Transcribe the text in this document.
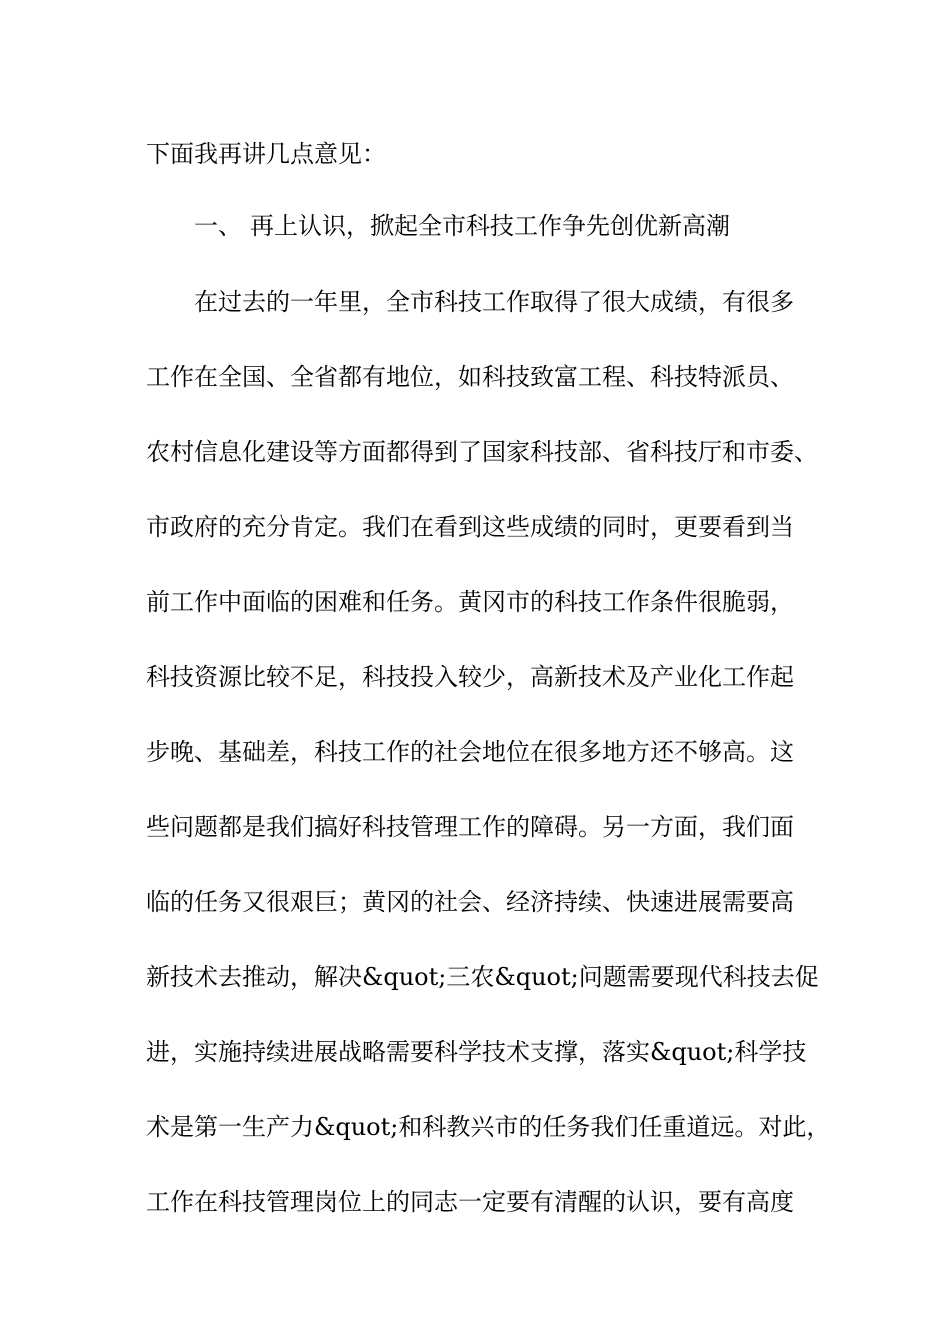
下面我再讲几点意见：
一、 再上认识，掀起全市科技工作争先创优新高潮
在过去的一年里，全市科技工作取得了很大成绩，有很多
工作在全国、全省都有地位，如科技致富工程、科技特派员、
农村信息化建设等方面都得到了国家科技部、省科技厅和市委、
市政府的充分肯定。我们在看到这些成绩的同时，更要看到当
前工作中面临的困难和任务。黄冈市的科技工作条件很脆弱，
科技资源比较不足，科技投入较少，高新技术及产业化工作起
步晚、基础差，科技工作的社会地位在很多地方还不够高。这
些问题都是我们搞好科技管理工作的障碍。另一方面，我们面
临的任务又很艰巨；黄冈的社会、经济持续、快速进展需要高
新技术去推动，解决&quot;三农&quot;问题需要现代科技去促
进，实施持续进展战略需要科学技术支撑，落实&quot;科学技
术是第一生产力&quot;和科教兴市的任务我们任重道远。对此，
工作在科技管理岗位上的同志一定要有清醒的认识，要有高度
